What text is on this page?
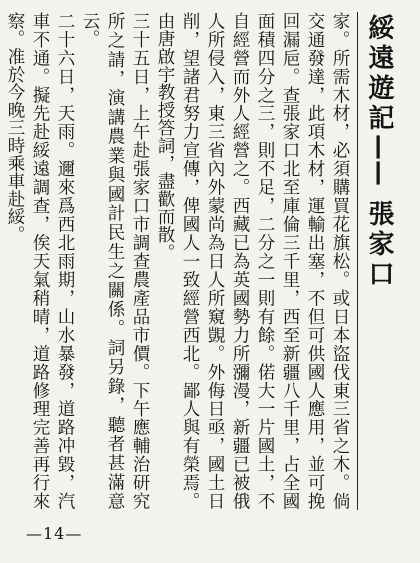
綏遠遊記
——
張家口

家。所需木材，必須購買花旗松。或日本盜伐東三省之木。倘交通發達，此項木材，運輸出塞，不但可供國人應用，並可挽回漏巵。查張家口北至庫倫三千里，西至新疆八千里，占全國面積四分之三，則不足，二分之一則有餘。偌大一片國土，不自經營而外人經營之。西藏已為英國勢力所瀰漫，新疆已被俄人所侵入，東三省內外蒙尚為日人所窺覬。外侮日亟，國土日削，望諸君努力宣傳，俾國人一致經營西北。鄙人與有榮焉。由唐啟宇教授答詞，盡歡而散。

三十五日，上午赴張家口市調查農產品市價。下午應輔治研究所之請，演講農業與國計民生之關係。詞另錄，聽者甚滿意云。

二十六日，天雨。邇來爲西北雨期，山水暴發，道路冲毀，汽車不通。擬先赴綏遠調查，俟天氣稍晴，道路修理完善再行來察。准於今晚三時乘車赴綏。

—14—
